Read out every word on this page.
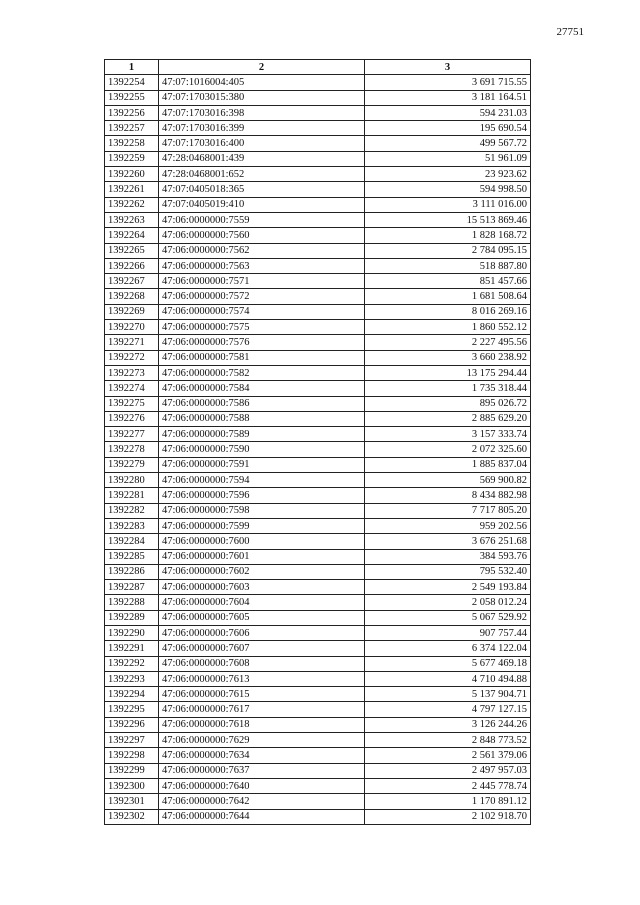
27751
1	2	3
1392254	47:07:1016004:405	3 691 715.55
1392255	47:07:1703015:380	3 181 164.51
1392256	47:07:1703016:398	594 231.03
1392257	47:07:1703016:399	195 690.54
1392258	47:07:1703016:400	499 567.72
1392259	47:28:0468001:439	51 961.09
1392260	47:28:0468001:652	23 923.62
1392261	47:07:0405018:365	594 998.50
1392262	47:07:0405019:410	3 111 016.00
1392263	47:06:0000000:7559	15 513 869.46
1392264	47:06:0000000:7560	1 828 168.72
1392265	47:06:0000000:7562	2 784 095.15
1392266	47:06:0000000:7563	518 887.80
1392267	47:06:0000000:7571	851 457.66
1392268	47:06:0000000:7572	1 681 508.64
1392269	47:06:0000000:7574	8 016 269.16
1392270	47:06:0000000:7575	1 860 552.12
1392271	47:06:0000000:7576	2 227 495.56
1392272	47:06:0000000:7581	3 660 238.92
1392273	47:06:0000000:7582	13 175 294.44
1392274	47:06:0000000:7584	1 735 318.44
1392275	47:06:0000000:7586	895 026.72
1392276	47:06:0000000:7588	2 885 629.20
1392277	47:06:0000000:7589	3 157 333.74
1392278	47:06:0000000:7590	2 072 325.60
1392279	47:06:0000000:7591	1 885 837.04
1392280	47:06:0000000:7594	569 900.82
1392281	47:06:0000000:7596	8 434 882.98
1392282	47:06:0000000:7598	7 717 805.20
1392283	47:06:0000000:7599	959 202.56
1392284	47:06:0000000:7600	3 676 251.68
1392285	47:06:0000000:7601	384 593.76
1392286	47:06:0000000:7602	795 532.40
1392287	47:06:0000000:7603	2 549 193.84
1392288	47:06:0000000:7604	2 058 012.24
1392289	47:06:0000000:7605	5 067 529.92
1392290	47:06:0000000:7606	907 757.44
1392291	47:06:0000000:7607	6 374 122.04
1392292	47:06:0000000:7608	5 677 469.18
1392293	47:06:0000000:7613	4 710 494.88
1392294	47:06:0000000:7615	5 137 904.71
1392295	47:06:0000000:7617	4 797 127.15
1392296	47:06:0000000:7618	3 126 244.26
1392297	47:06:0000000:7629	2 848 773.52
1392298	47:06:0000000:7634	2 561 379.06
1392299	47:06:0000000:7637	2 497 957.03
1392300	47:06:0000000:7640	2 445 778.74
1392301	47:06:0000000:7642	1 170 891.12
1392302	47:06:0000000:7644	2 102 918.70
